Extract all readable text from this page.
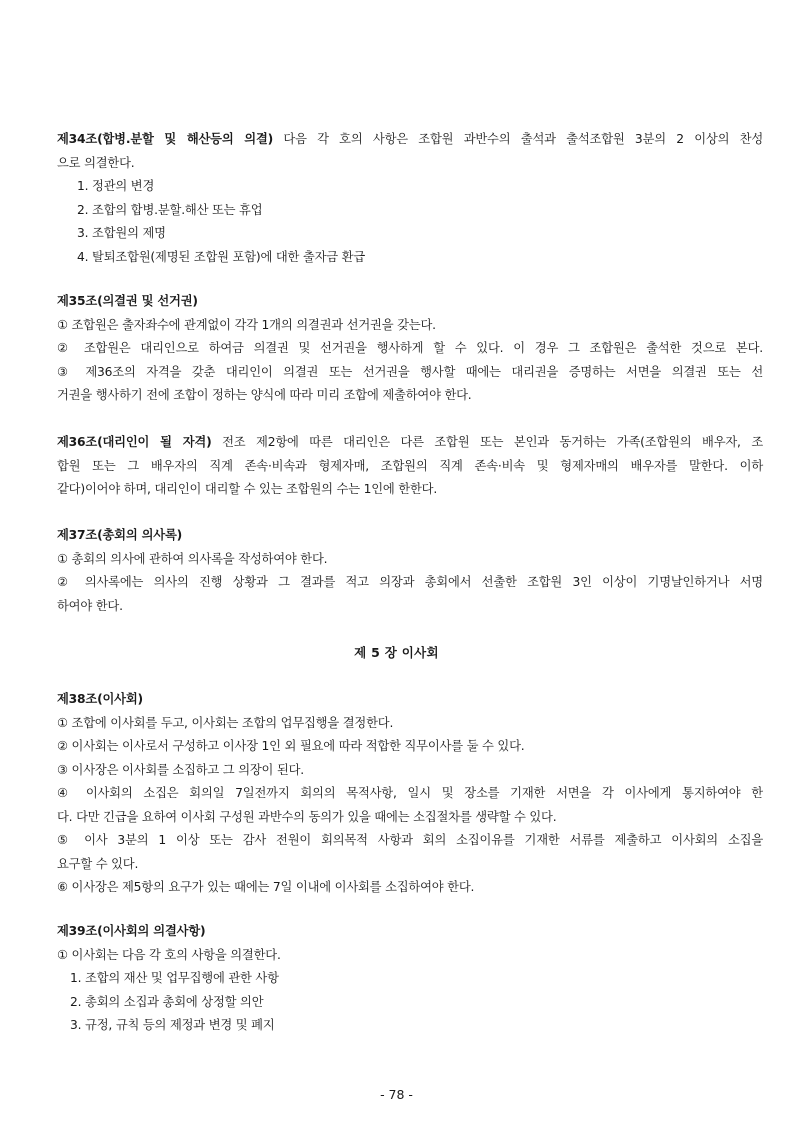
제34조(합병.분할 및 해산등의 의결) 다음 각 호의 사항은 조합원 과반수의 출석과 출석조합원 3분의 2 이상의 찬성
으로 의결한다.
1. 정관의 변경
2. 조합의 합병.분할.해산 또는 휴업
3. 조합원의 제명
4. 탈퇴조합원(제명된 조합원 포함)에 대한 출자금 환급
제35조(의결권 및 선거권)
① 조합원은 출자좌수에 관계없이 각각 1개의 의결권과 선거권을 갖는다.
② 조합원은 대리인으로 하여금 의결권 및 선거권을 행사하게 할 수 있다. 이 경우 그 조합원은 출석한 것으로 본다.
③ 제36조의 자격을 갖춘 대리인이 의결권 또는 선거권을 행사할 때에는 대리권을 증명하는 서면을 의결권 또는 선
거권을 행사하기 전에 조합이 정하는 양식에 따라 미리 조합에 제출하여야 한다.
제36조(대리인이 될 자격) 전조 제2항에 따른 대리인은 다른 조합원 또는 본인과 동거하는 가족(조합원의 배우자, 조
합원 또는 그 배우자의 직계 존속·비속과 형제자매, 조합원의 직계 존속·비속 및 형제자매의 배우자를 말한다. 이하
같다)이어야 하며, 대리인이 대리할 수 있는 조합원의 수는 1인에 한한다.
제37조(총회의 의사록)
① 총회의 의사에 관하여 의사록을 작성하여야 한다.
② 의사록에는 의사의 진행 상황과 그 결과를 적고 의장과 총회에서 선출한 조합원 3인 이상이 기명날인하거나 서명
하여야 한다.
제 5 장 이사회
제38조(이사회)
① 조합에 이사회를 두고, 이사회는 조합의 업무집행을 결정한다.
② 이사회는 이사로서 구성하고 이사장 1인 외 필요에 따라 적합한 직무이사를 둘 수 있다.
③ 이사장은 이사회를 소집하고 그 의장이 된다.
④ 이사회의 소집은 회의일 7일전까지 회의의 목적사항, 일시 및 장소를 기재한 서면을 각 이사에게 통지하여야 한
다. 다만 긴급을 요하여 이사회 구성원 과반수의 동의가 있을 때에는 소집절차를 생략할 수 있다.
⑤ 이사 3분의 1 이상 또는 감사 전원이 회의목적 사항과 회의 소집이유를 기재한 서류를 제출하고 이사회의 소집을
요구할 수 있다.
⑥ 이사장은 제5항의 요구가 있는 때에는 7일 이내에 이사회를 소집하여야 한다.
제39조(이사회의 의결사항)
① 이사회는 다음 각 호의 사항을 의결한다.
1. 조합의 재산 및 업무집행에 관한 사항
2. 총회의 소집과 총회에 상정할 의안
3. 규정, 규칙 등의 제정과 변경 및 폐지
- 78 -
